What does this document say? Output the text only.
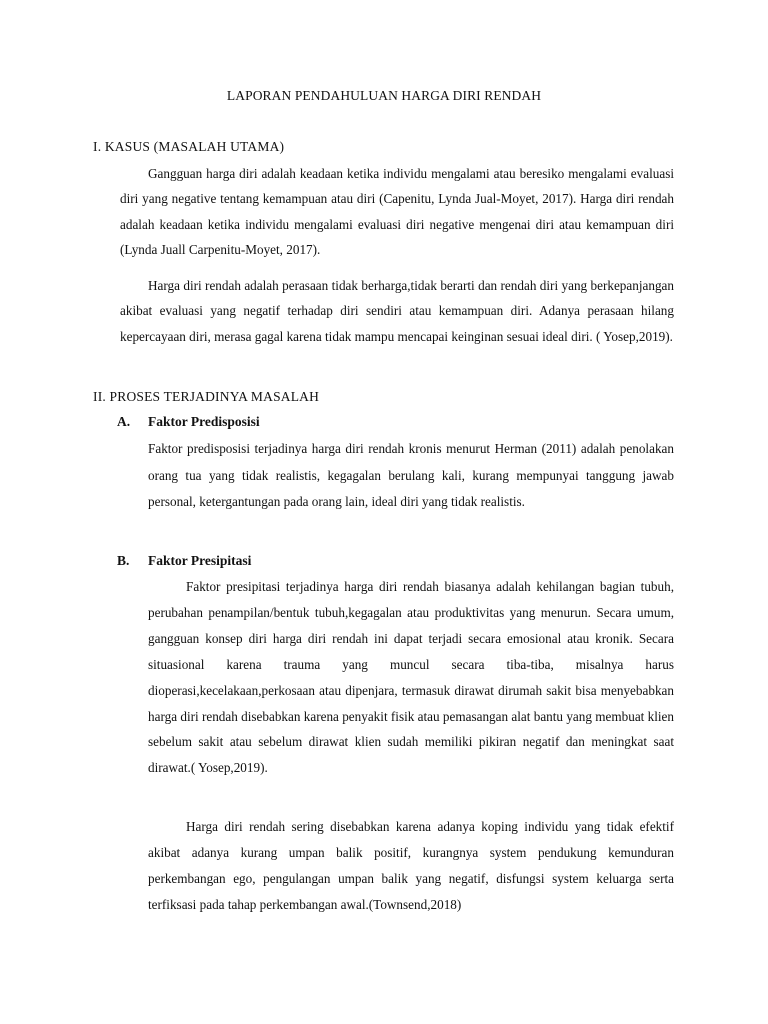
LAPORAN PENDAHULUAN HARGA DIRI RENDAH
I. KASUS (MASALAH UTAMA)
Gangguan harga diri adalah keadaan ketika individu mengalami atau beresiko mengalami evaluasi diri yang negative tentang kemampuan atau diri (Capenitu, Lynda Jual-Moyet, 2017). Harga diri rendah adalah keadaan ketika individu mengalami evaluasi diri negative mengenai diri atau kemampuan diri (Lynda Juall Carpenitu-Moyet, 2017).
Harga diri rendah adalah perasaan tidak berharga,tidak berarti dan rendah diri yang berkepanjangan akibat evaluasi yang negatif terhadap diri sendiri atau kemampuan diri. Adanya perasaan hilang kepercayaan diri, merasa gagal karena tidak mampu mencapai keinginan sesuai ideal diri. ( Yosep,2019).
II. PROSES TERJADINYA MASALAH
A. Faktor Predisposisi
Faktor predisposisi terjadinya harga diri rendah kronis menurut Herman (2011) adalah penolakan orang tua yang tidak realistis, kegagalan berulang kali, kurang mempunyai tanggung jawab personal, ketergantungan pada orang lain, ideal diri yang tidak realistis.
B. Faktor Presipitasi
Faktor presipitasi terjadinya harga diri rendah biasanya adalah kehilangan bagian tubuh, perubahan penampilan/bentuk tubuh,kegagalan atau produktivitas yang menurun. Secara umum, gangguan konsep diri harga diri rendah ini dapat terjadi secara emosional atau kronik. Secara situasional karena trauma yang muncul secara tiba-tiba, misalnya harus dioperasi,kecelakaan,perkosaan atau dipenjara, termasuk dirawat dirumah sakit bisa menyebabkan harga diri rendah disebabkan karena penyakit fisik atau pemasangan alat bantu yang membuat klien sebelum sakit atau sebelum dirawat klien sudah memiliki pikiran negatif dan meningkat saat dirawat.( Yosep,2019).
Harga diri rendah sering disebabkan karena adanya koping individu yang tidak efektif akibat adanya kurang umpan balik positif, kurangnya system pendukung kemunduran perkembangan ego, pengulangan umpan balik yang negatif, disfungsi system keluarga serta terfiksasi pada tahap perkembangan awal.(Townsend,2018)
